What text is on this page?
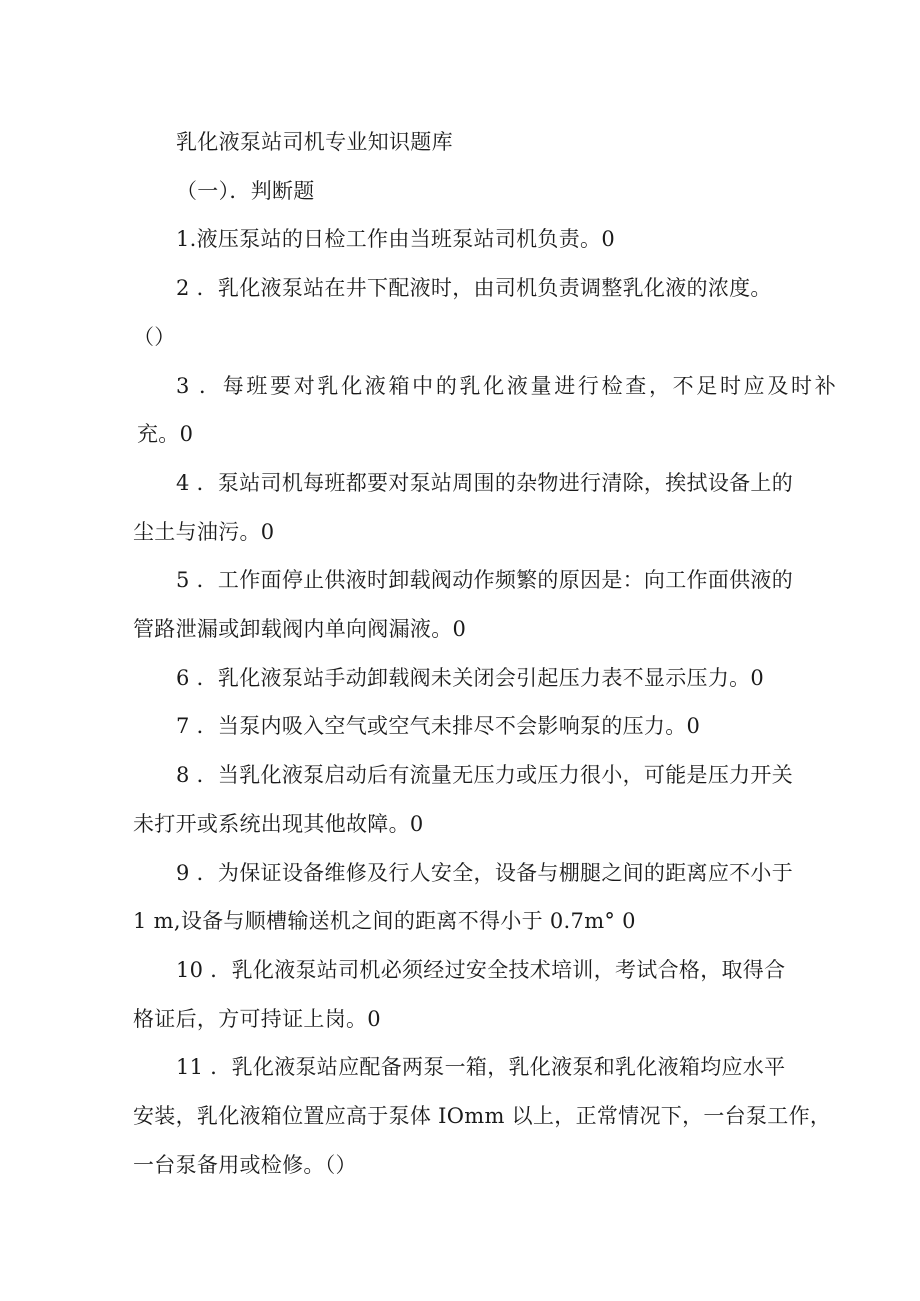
乳化液泵站司机专业知识题库
（一）．判断题
1.液压泵站的日检工作由当班泵站司机负责。0
2 ．乳化液泵站在井下配液时，由司机负责调整乳化液的浓度。
（）
3 ．每班要对乳化液箱中的乳化液量进行检查，不足时应及时补
充。0
4 ．泵站司机每班都要对泵站周围的杂物进行清除，挨拭设备上的
尘土与油污。0
5 ．工作面停止供液时卸载阀动作频繁的原因是：向工作面供液的
管路泄漏或卸载阀内单向阀漏液。0
6 ．乳化液泵站手动卸载阀未关闭会引起压力表不显示压力。0
7 ．当泵内吸入空气或空气未排尽不会影响泵的压力。0
8 ．当乳化液泵启动后有流量无压力或压力很小，可能是压力开关
未打开或系统出现其他故障。0
9 ．为保证设备维修及行人安全，设备与棚腿之间的距离应不小于
1 m,设备与顺槽输送机之间的距离不得小于 0.7m° 0
10 ．乳化液泵站司机必须经过安全技术培训，考试合格，取得合
格证后，方可持证上岗。0
11 ．乳化液泵站应配备两泵一箱，乳化液泵和乳化液箱均应水平
安装，乳化液箱位置应高于泵体 IOmm 以上，正常情况下，一台泵工作，
一台泵备用或检修。（）
